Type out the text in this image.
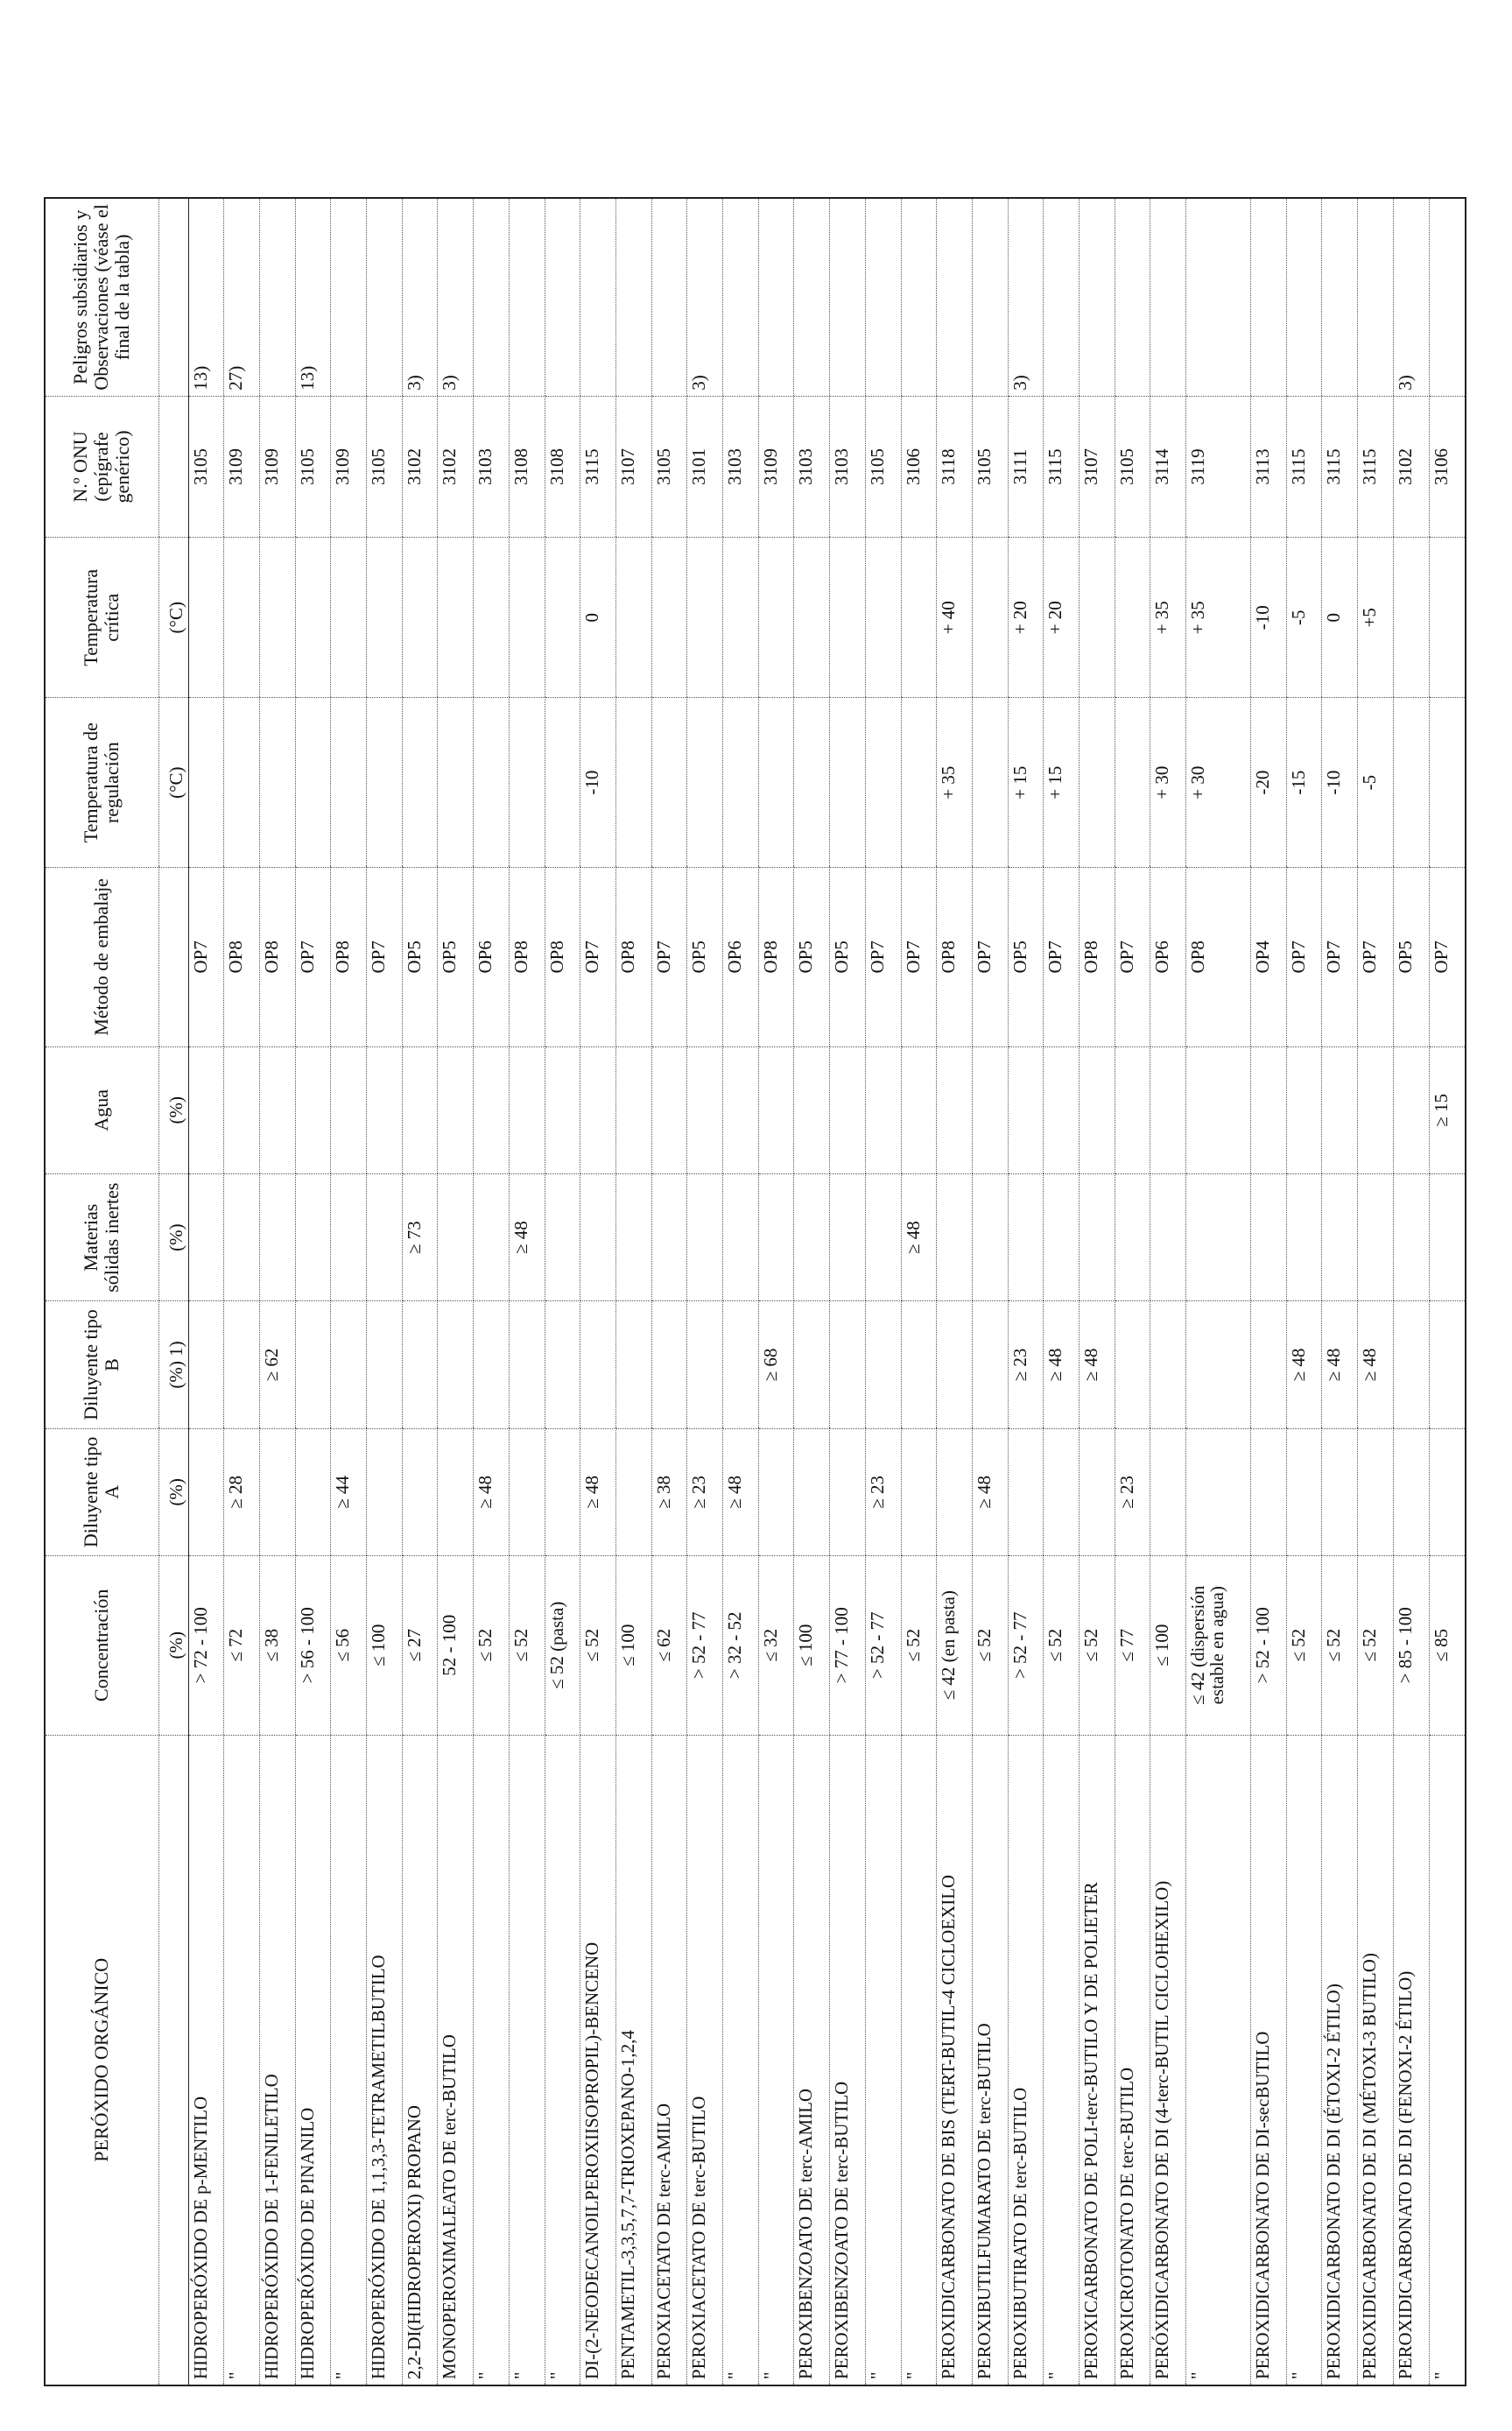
PERÓXIDO ORGÁNICO	Concentración	Diluyente tipo A	Diluyente tipo B	Materias sólidas inertes	Agua	Método de embalaje	Temperatura de regulación	Temperatura crítica	N.º ONU (epígrafe genérico)	Peligros subsidiarios y Observaciones (véase el final de la tabla)
	(%)	(%)	(%) 1)	(%)	(%)		(°C)	(°C)		
HIDROPERÓXIDO DE p-MENTILO	> 72 - 100					OP7			3105	13)
"	≤ 72	≥ 28				OP8			3109	27)
HIDROPERÓXIDO DE 1-FENILETILO	≤ 38		≥ 62			OP8			3109	
HIDROPERÓXIDO DE PINANILO	> 56 - 100					OP7			3105	13)
"	≤ 56	≥ 44				OP8			3109	
HIDROPERÓXIDO DE 1,1,3,3-TETRAMETILBUTILO	≤ 100					OP7			3105	
2,2-DI(HIDROPEROXI) PROPANO	≤ 27			≥ 73		OP5			3102	3)
MONOPEROXIMALEATO DE terc-BUTILO	52 - 100					OP5			3102	3)
"	≤ 52	≥ 48				OP6			3103	
"	≤ 52			≥ 48		OP8			3108	
"	≤ 52 (pasta)					OP8			3108	
DI-(2-NEODECANOILPEROXIISOPROPIL)-BENCENO	≤ 52	≥ 48				OP7	-10	0	3115	
PENTAMETIL-3,3,5,7,7-TRIOXEPANO-1,2,4	≤ 100					OP8			3107	
PEROXIACETATO DE terc-AMILO	≤ 62	≥ 38				OP7			3105	
PEROXIACETATO DE terc-BUTILO	> 52 - 77	≥ 23				OP5			3101	3)
"	> 32 - 52	≥ 48				OP6			3103	
"	≤ 32		≥ 68			OP8			3109	
PEROXIBENZOATO DE terc-AMILO	≤ 100					OP5			3103	
PEROXIBENZOATO DE terc-BUTILO	> 77 - 100					OP5			3103	
"	> 52 - 77	≥ 23				OP7			3105	
"	≤ 52			≥ 48		OP7			3106	
PEROXIDICARBONATO DE BIS (TERT-BUTIL-4 CICLOEXILO	≤ 42 (en pasta)					OP8	+ 35	+ 40	3118	
PEROXIBUTILFUMARATO DE terc-BUTILO	≤ 52	≥ 48				OP7			3105	
PEROXIBUTIRATO DE terc-BUTILO	> 52 - 77		≥ 23			OP5	+ 15	+ 20	3111	3)
"	≤ 52		≥ 48			OP7	+ 15	+ 20	3115	
PEROXICARBONATO DE POLI-terc-BUTILO Y DE POLIETER	≤ 52		≥ 48			OP8			3107	
PEROXICROTONATO DE terc-BUTILO	≤ 77	≥ 23				OP7			3105	
PERÓXIDICARBONATO DE DI (4-terc-BUTIL CICLOHEXILO)	≤ 100					OP6	+ 30	+ 35	3114	
"	≤ 42 (dispersión estable en agua)					OP8	+ 30	+ 35	3119	
PEROXIDICARBONATO DE DI-secBUTILO	> 52 - 100					OP4	-20	-10	3113	
"	≤ 52		≥ 48			OP7	-15	-5	3115	
PEROXIDICARBONATO DE DI (ÉTOXI-2 ÉTILO)	≤ 52		≥ 48			OP7	-10	0	3115	
PEROXIDICARBONATO DE DI (MÉTOXI-3 BUTILO)	≤ 52		≥ 48			OP7	-5	+5	3115	
PEROXIDICARBONATO DE DI (FENOXI-2 ÉTILO)	> 85 - 100					OP5			3102	3)
"	≤ 85				≥ 15	OP7			3106	
